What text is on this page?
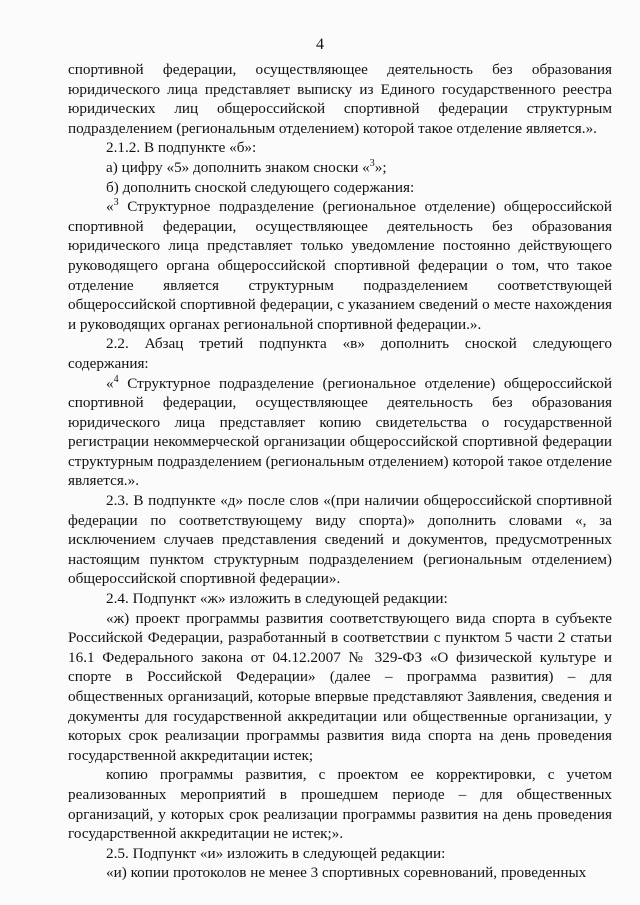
4

спортивной федерации, осуществляющее деятельность без образования юридического лица представляет выписку из Единого государственного реестра юридических лиц общероссийской спортивной федерации структурным подразделением (региональным отделением) которой такое отделение является.».

2.1.2. В подпункте «б»:

а) цифру «5» дополнить знаком сноски «$^3$»;

б) дополнить сноской следующего содержания:

«$^3$ Структурное подразделение (региональное отделение) общероссийской спортивной федерации, осуществляющее деятельность без образования юридического лица представляет только уведомление постоянно действующего руководящего органа общероссийской спортивной федерации о том, что такое отделение является структурным подразделением соответствующей общероссийской спортивной федерации, с указанием сведений о месте нахождения и руководящих органах региональной спортивной федерации.».

2.2. Абзац третий подпункта «в» дополнить сноской следующего содержания:

«$^4$ Структурное подразделение (региональное отделение) общероссийской спортивной федерации, осуществляющее деятельность без образования юридического лица представляет копию свидетельства о государственной регистрации некоммерческой организации общероссийской спортивной федерации структурным подразделением (региональным отделением) которой такое отделение является.».

2.3. В подпункте «д» после слов «(при наличии общероссийской спортивной федерации по соответствующему виду спорта)» дополнить словами «, за исключением случаев представления сведений и документов, предусмотренных настоящим пунктом структурным подразделением (региональным отделением) общероссийской спортивной федерации».

2.4. Подпункт «ж» изложить в следующей редакции:

«ж) проект программы развития соответствующего вида спорта в субъекте Российской Федерации, разработанный в соответствии с пунктом 5 части 2 статьи 16.1 Федерального закона от 04.12.2007 № 329-ФЗ «О физической культуре и спорте в Российской Федерации» (далее – программа развития) – для общественных организаций, которые впервые представляют Заявления, сведения и документы для государственной аккредитации или общественные организации, у которых срок реализации программы развития вида спорта на день проведения государственной аккредитации истек;

копию программы развития, с проектом ее корректировки, с учетом реализованных мероприятий в прошедшем периоде – для общественных организаций, у которых срок реализации программы развития на день проведения государственной аккредитации не истек;».

2.5. Подпункт «и» изложить в следующей редакции:

«и) копии протоколов не менее 3 спортивных соревнований, проведенных
